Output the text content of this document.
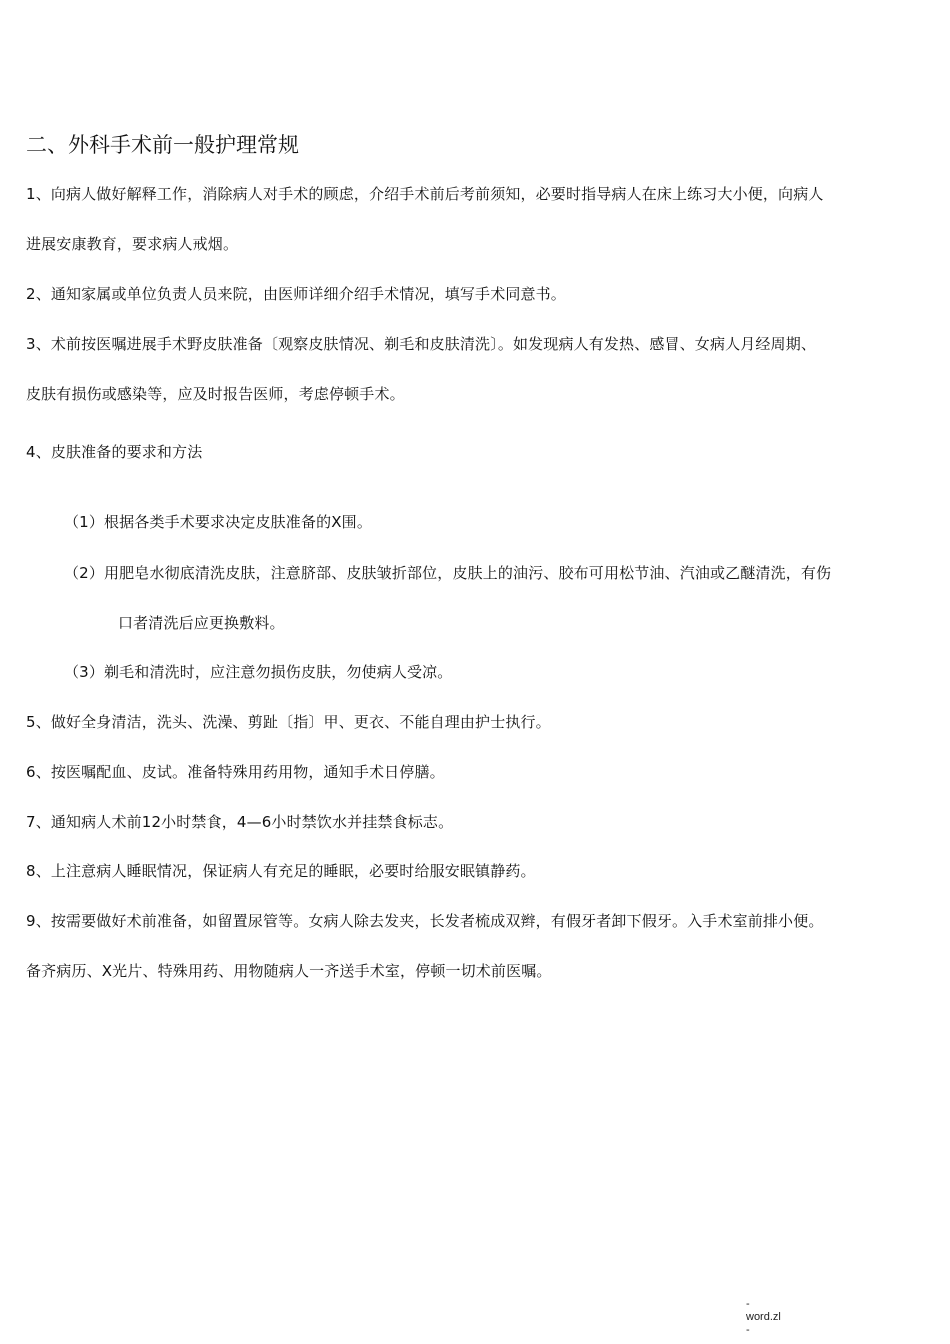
二、外科手术前一般护理常规
1、向病人做好解释工作，消除病人对手术的顾虑，介绍手术前后考前须知，必要时指导病人在床上练习大小便，向病人
进展安康教育，要求病人戒烟。
2、通知家属或单位负责人员来院，由医师详细介绍手术情况，填写手术同意书。
3、术前按医嘱进展手术野皮肤准备〔观察皮肤情况、剃毛和皮肤清洗〕。如发现病人有发热、感冒、女病人月经周期、
皮肤有损伤或感染等，应及时报告医师，考虑停顿手术。
4、皮肤准备的要求和方法
（1）根据各类手术要求决定皮肤准备的X围。
（2）用肥皂水彻底清洗皮肤，注意脐部、皮肤皱折部位，皮肤上的油污、胶布可用松节油、汽油或乙醚清洗，有伤
口者清洗后应更换敷料。
（3）剃毛和清洗时，应注意勿损伤皮肤，勿使病人受凉。
5、做好全身清洁，洗头、洗澡、剪趾〔指〕甲、更衣、不能自理由护士执行。
6、按医嘱配血、皮试。准备特殊用药用物，通知手术日停膳。
7、通知病人术前12小时禁食，4—6小时禁饮水并挂禁食标志。
8、上注意病人睡眠情况，保证病人有充足的睡眠，必要时给服安眠镇静药。
9、按需要做好术前准备，如留置尿管等。女病人除去发夹，长发者梳成双辫，有假牙者卸下假牙。入手术室前排小便。
备齐病历、X光片、特殊用药、用物随病人一齐送手术室，停顿一切术前医嘱。
-
word.zl
-
